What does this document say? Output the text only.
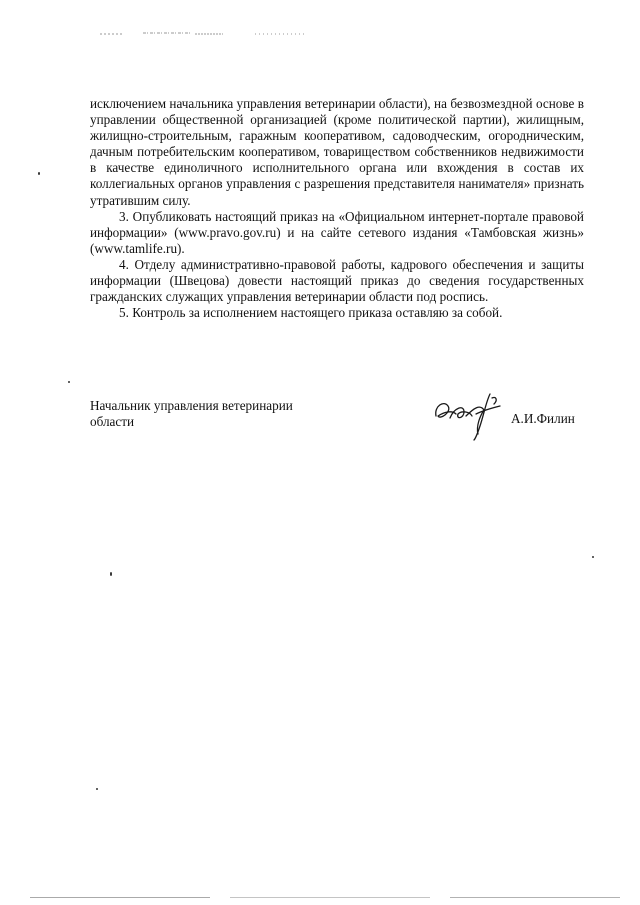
исключением начальника управления ветеринарии области), на безвозмездной основе в управлении общественной организацией (кроме политической партии), жилищным, жилищно-строительным, гаражным кооперативом, садоводческим, огородническим, дачным потребительским кооперативом, товариществом собственников недвижимости в качестве единоличного исполнительного органа или вхождения в состав их коллегиальных органов управления с разрешения представителя нанимателя» признать утратившим силу.

3. Опубликовать настоящий приказ на «Официальном интернет-портале правовой информации» (www.pravo.gov.ru) и на сайте сетевого издания «Тамбовская жизнь» (www.tamlife.ru).

4. Отделу административно-правовой работы, кадрового обеспечения и защиты информации (Швецова) довести настоящий приказ до сведения государственных гражданских служащих управления ветеринарии области под роспись.

5. Контроль за исполнением настоящего приказа оставляю за собой.

Начальник управления ветеринарии
области	А.И.Филин
